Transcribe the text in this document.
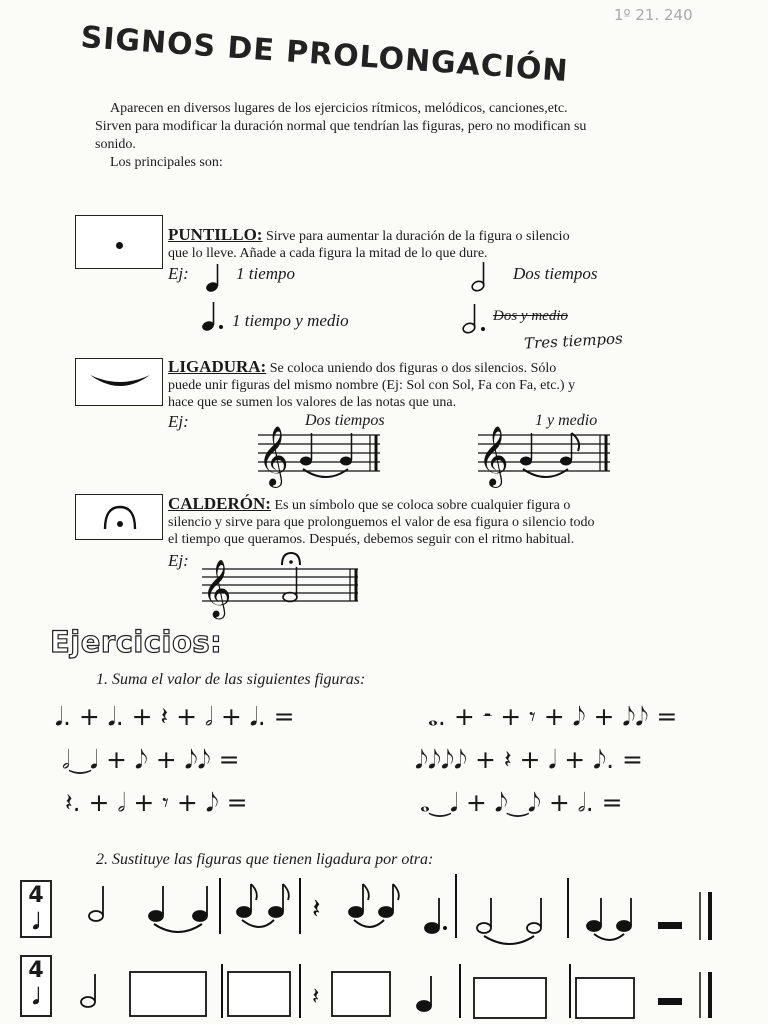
SIGNOS DE PROLONGACIÓN
1º 21. 240

Aparecen en diversos lugares de los ejercicios rítmicos, melódicos, canciones,etc.

Sirven para modificar la duración normal que tendrían las figuras, pero no modifican su

sonido.

Los principales son:

PUNTILLO: Sirve para aumentar la duración de la figura o silencio
que lo lleve. Añade a cada figura la mitad de lo que dure.
Ej:	1 tiempo	Dos tiempos
1 tiempo y medio	Dos y medio
Tres tiempos
LIGADURA: Se coloca uniendo dos figuras o dos silencios. Sólo
puede unir figuras del mismo nombre (Ej: Sol con Sol, Fa con Fa, etc.) y
hace que se sumen los valores de las notas que una.
Ej:	Dos tiempos	1 y medio
𝄞	𝄞
CALDERÓN: Es un símbolo que se coloca sobre cualquier figura o
silencio y sirve para que prolonguemos el valor de esa figura o silencio todo
el tiempo que queramos. Después, debemos seguir con el ritmo habitual.
Ej: 𝄞
Ejercicios:
1. Suma el valor de las siguientes figuras:
𝅘𝅥. + 𝅘𝅥. + 𝄽 + 𝅗𝅥 + 𝅘𝅥. =	𝅝. + 𝄼 + 𝄾 + 𝅘𝅥𝅮 + 𝅘𝅥𝅮𝅘𝅥𝅮 =
𝅗𝅥‿𝅘𝅥 + 𝅘𝅥𝅮 + 𝅘𝅥𝅮𝅘𝅥𝅮 =	𝅘𝅥𝅮𝅘𝅥𝅮𝅘𝅥𝅮𝅘𝅥𝅮 + 𝄽 + 𝅘𝅥 + 𝅘𝅥𝅮. =
𝄽. + 𝅗𝅥 + 𝄾 + 𝅘𝅥𝅮 =	𝅝‿𝅘𝅥 + 𝅘𝅥𝅮‿𝅘𝅥𝅮 + 𝅗𝅥. =
2. Sustituye las figuras que tienen ligadura por otra:
4
𝅘𝅥	𝄽
4
𝅘𝅥	𝄽
